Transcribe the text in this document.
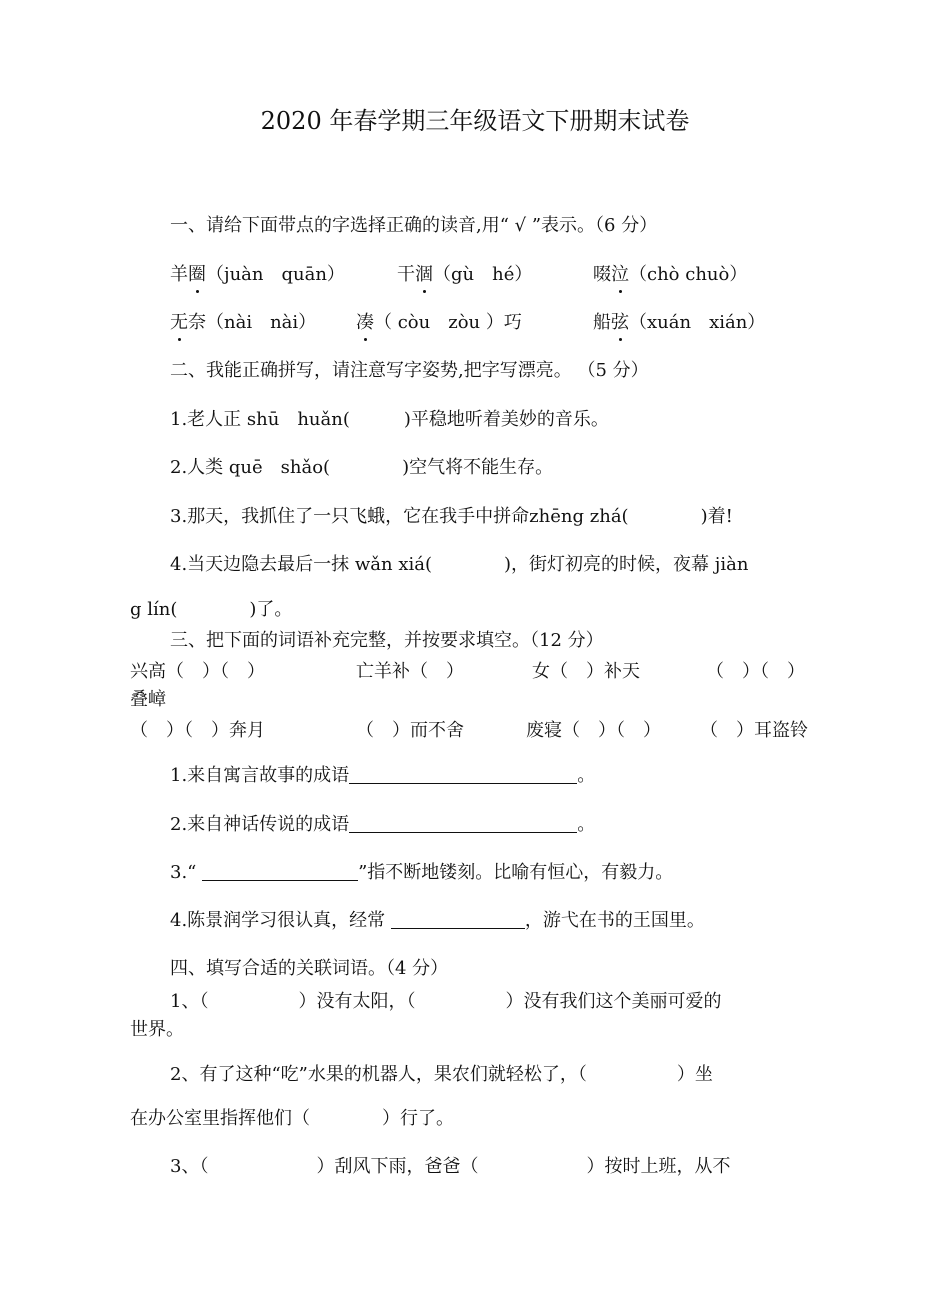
2020 年春学期三年级语文下册期末试卷
一、请给下面带点的字选择正确的读音,用“ √ ”表示。（6 分）
羊圈（juàn　quān）	干涸（gù　hé）	啜泣（chò chuò）
无奈（nài　nài） 凑（ còu　zòu ）巧	船弦（xuán　xián）
二、我能正确拼写，请注意写字姿势,把字写漂亮。 （5 分）
1.老人正 shū　huǎn(　　　)平稳地听着美妙的音乐。
2.人类 quē　shǎo(　　　　)空气将不能生存。
3.那天，我抓住了一只飞蛾，它在我手中拼命zhēng zhá(　　　　)着!
4.当天边隐去最后一抹 wǎn xiá(　　　　)，街灯初亮的时候，夜幕 jiàn
g lín(　　　　)了。
三、把下面的词语补充完整，并按要求填空。（12 分）
兴高（　）（　）	亡羊补（　）	女（　）补天	（　）（　）
叠嶂
（　）（　）奔月	（　）而不舍	废寝（　）（　） （　）耳盗铃
1.来自寓言故事的成语	。
2.来自神话传说的成语	。
3.“	”指不断地镂刻。比喻有恒心，有毅力。
4.陈景润学习很认真，经常	，游弋在书的王国里。
四、填写合适的关联词语。（4 分）
1、（　　　　　）没有太阳，（　　　　　）没有我们这个美丽可爱的
世界。
2、有了这种“吃”水果的机器人，果农们就轻松了，（　　　　　）坐
在办公室里指挥他们（　　　　）行了。
3、（　　　　　　）刮风下雨，爸爸（　　　　　　）按时上班，从不
